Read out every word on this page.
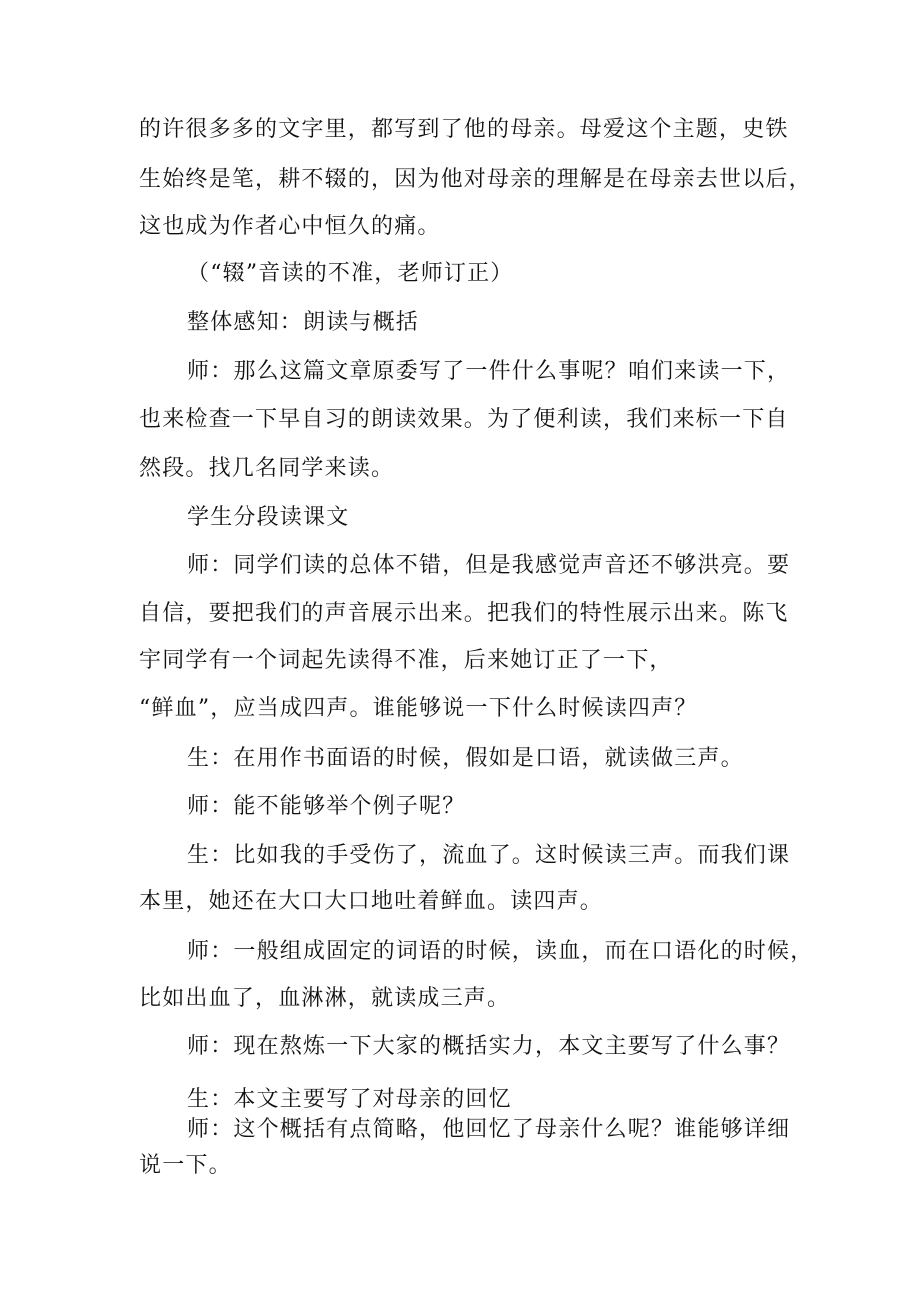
的许很多多的文字里，都写到了他的母亲。母爱这个主题，史铁
生始终是笔，耕不辍的，因为他对母亲的理解是在母亲去世以后，
这也成为作者心中恒久的痛。
（“辍”音读的不准，老师订正）
整体感知：朗读与概括
师：那么这篇文章原委写了一件什么事呢？咱们来读一下，
也来检查一下早自习的朗读效果。为了便利读，我们来标一下自
然段。找几名同学来读。
学生分段读课文
师：同学们读的总体不错，但是我感觉声音还不够洪亮。要
自信，要把我们的声音展示出来。把我们的特性展示出来。陈飞
宇同学有一个词起先读得不准，后来她订正了一下，
“鲜血”，应当成四声。谁能够说一下什么时候读四声？
生：在用作书面语的时候，假如是口语，就读做三声。
师：能不能够举个例子呢？
生：比如我的手受伤了，流血了。这时候读三声。而我们课
本里，她还在大口大口地吐着鲜血。读四声。
师：一般组成固定的词语的时候，读血，而在口语化的时候，
比如出血了，血淋淋，就读成三声。
师：现在熬炼一下大家的概括实力，本文主要写了什么事？
生：本文主要写了对母亲的回忆
师：这个概括有点简略，他回忆了母亲什么呢？谁能够详细
说一下。
